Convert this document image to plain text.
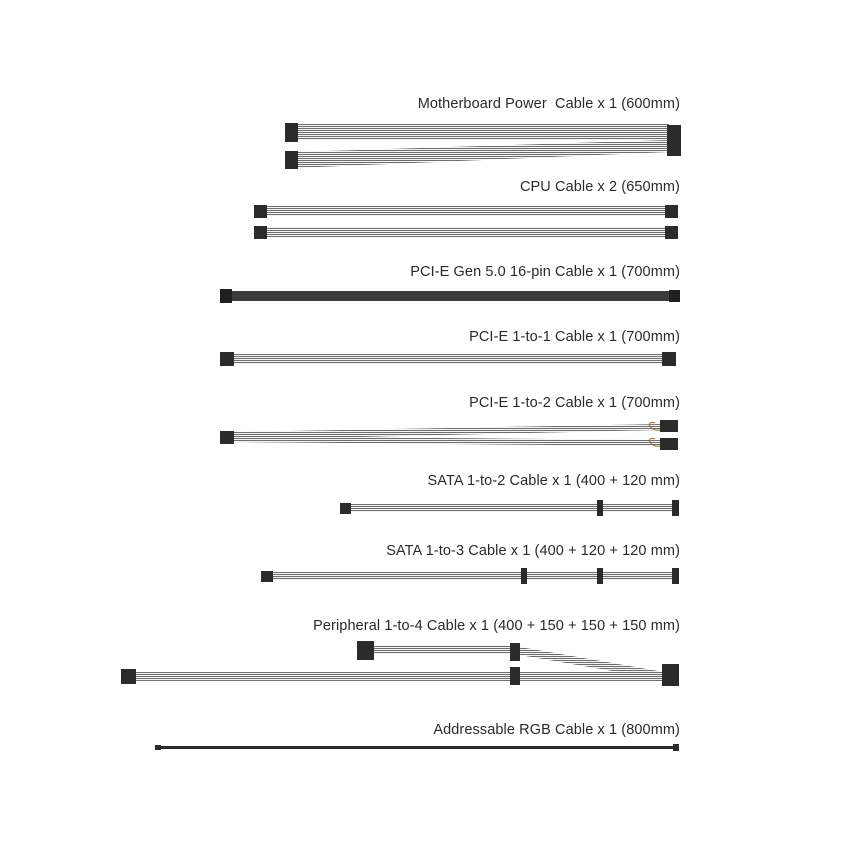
Motherboard Power  Cable x 1 (600mm)
CPU Cable x 2 (650mm)
PCI-E Gen 5.0 16-pin Cable x 1 (700mm)
PCI-E 1-to-1 Cable x 1 (700mm)
PCI-E 1-to-2 Cable x 1 (700mm)
SATA 1-to-2 Cable x 1 (400 + 120 mm)
SATA 1-to-3 Cable x 1 (400 + 120 + 120 mm)
Peripheral 1-to-4 Cable x 1 (400 + 150 + 150 + 150 mm)
Addressable RGB Cable x 1 (800mm)
